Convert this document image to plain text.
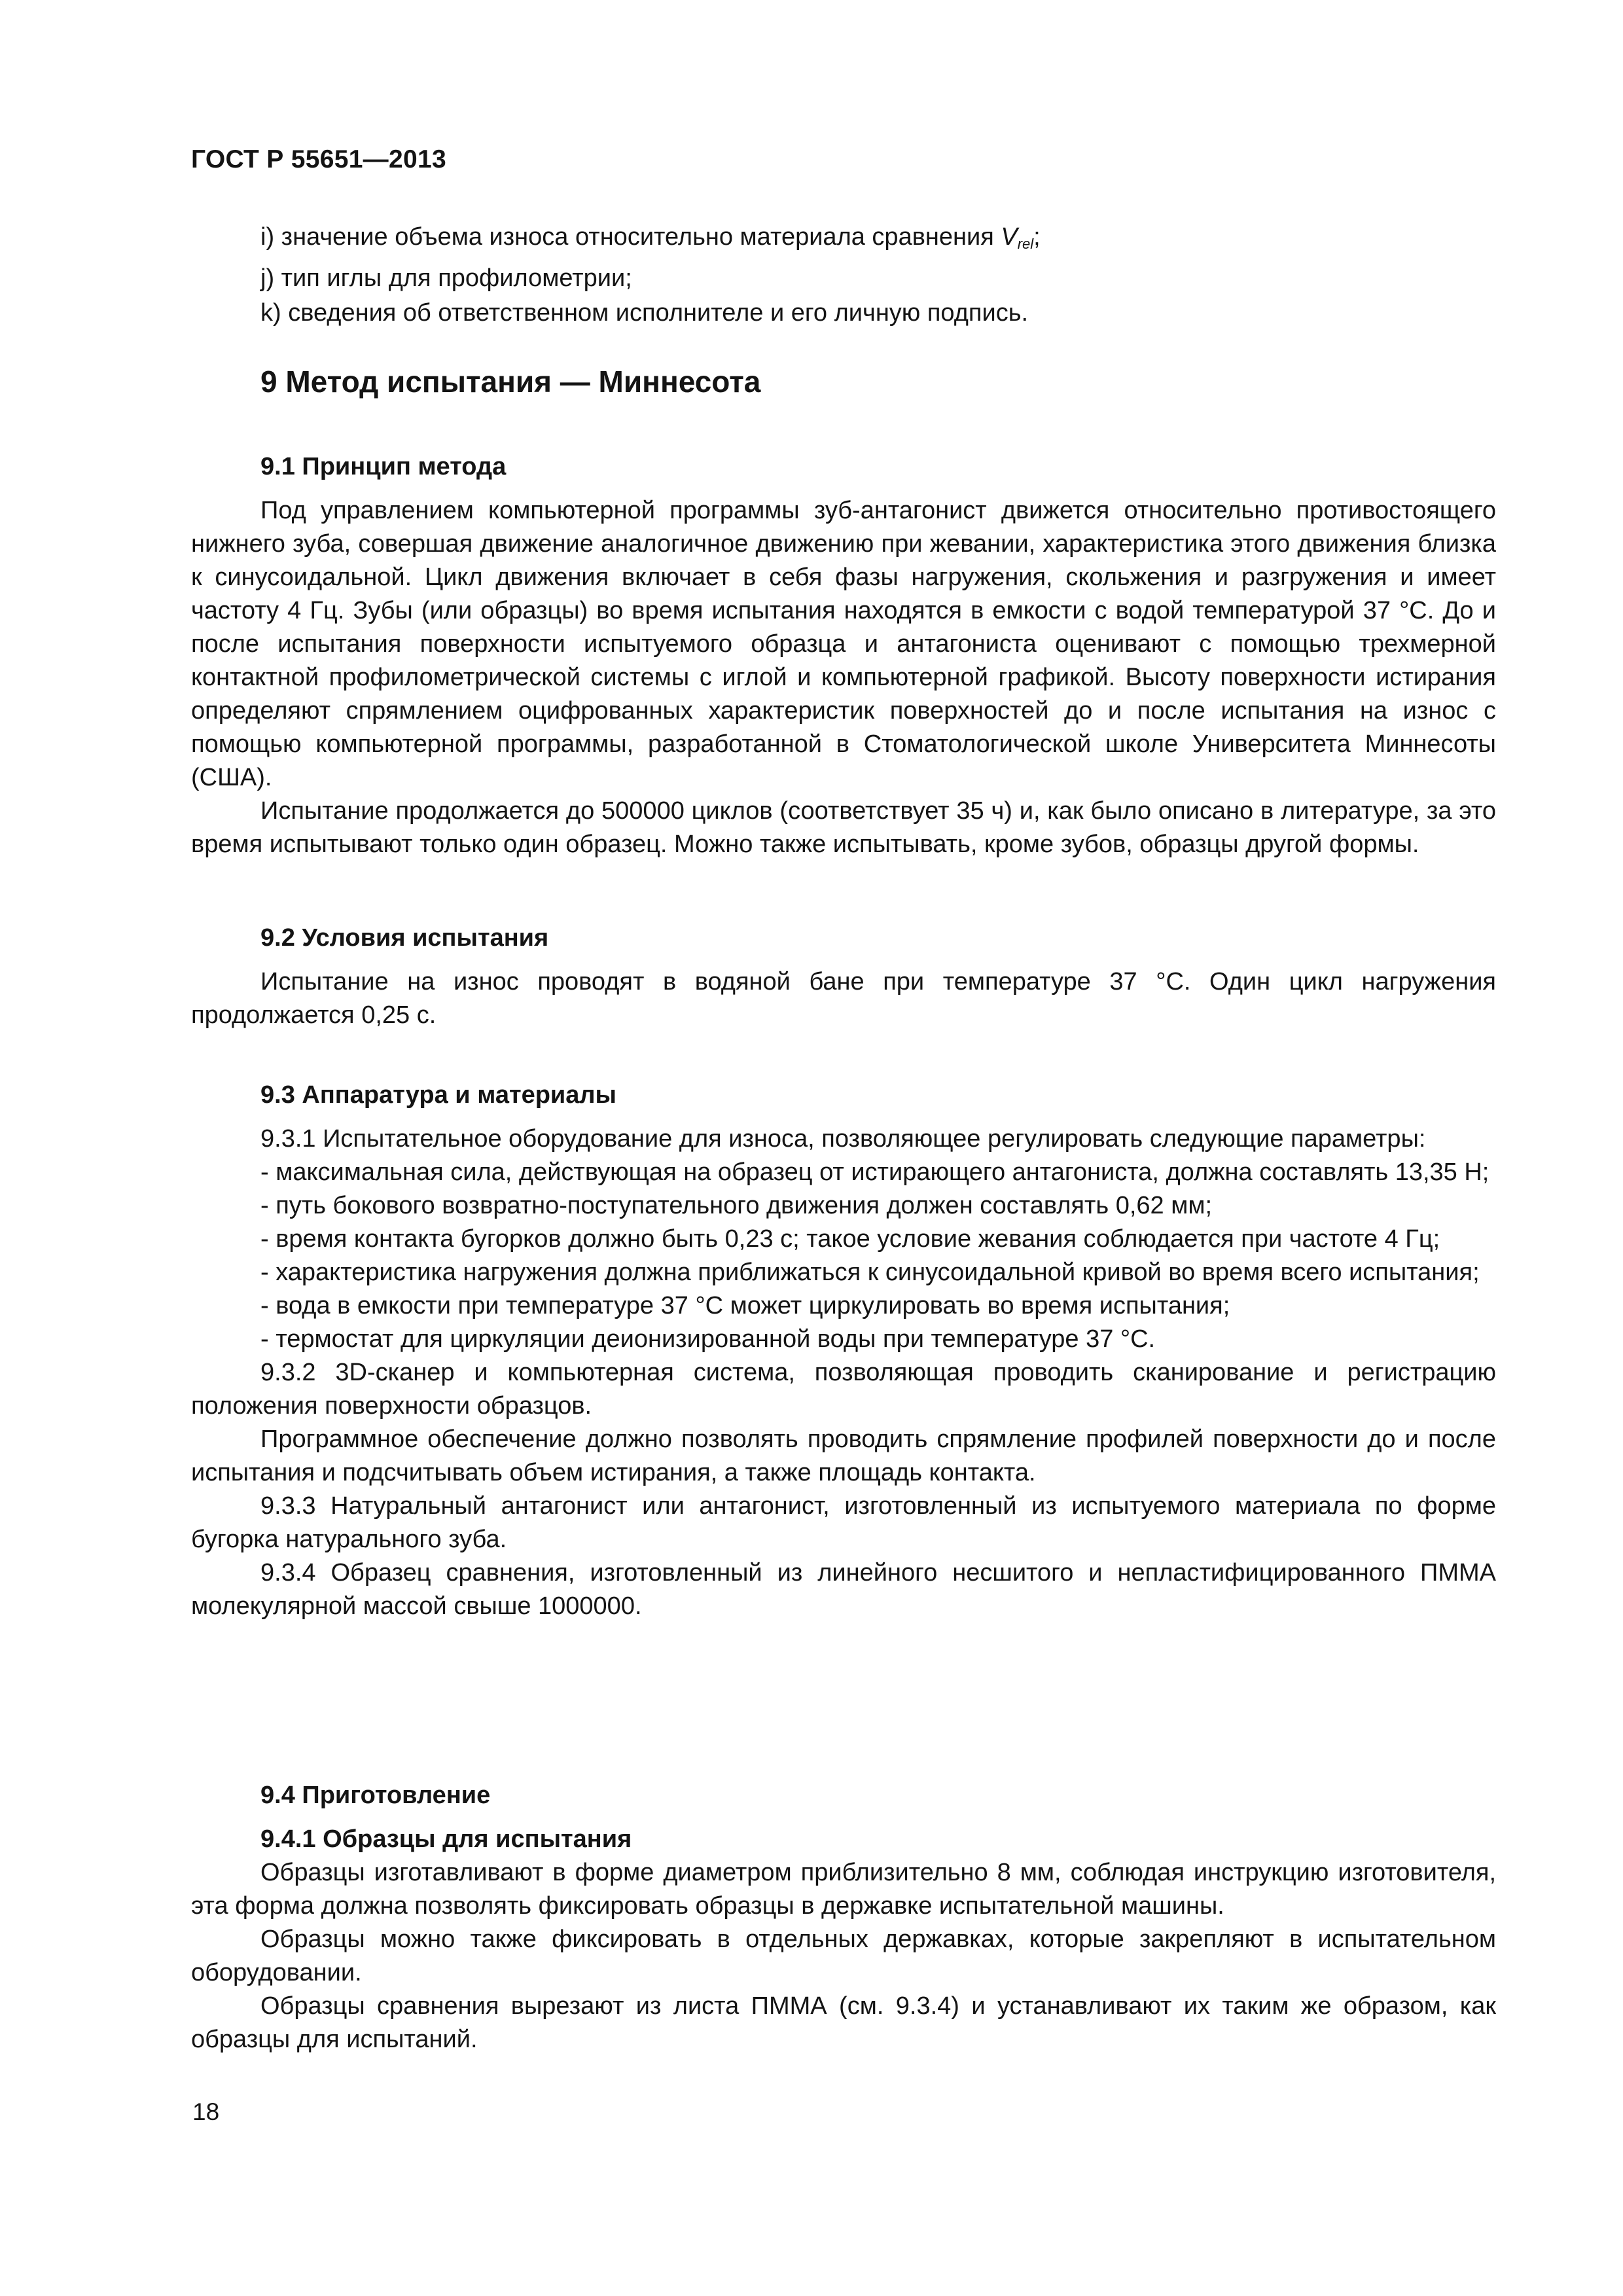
ГОСТ Р 55651—2013
i) значение объема износа относительно материала сравнения $V_{rel}$;
j) тип иглы для профилометрии;
k) сведения об ответственном исполнителе и его личную подпись.
9 Метод испытания — Миннесота
9.1 Принцип метода

Под управлением компьютерной программы зуб-антагонист движется относительно противостоящего нижнего зуба, совершая движение аналогичное движению при жевании, характеристика этого движения близка к синусоидальной. Цикл движения включает в себя фазы нагружения, скольжения и разгружения и имеет частоту 4 Гц. Зубы (или образцы) во время испытания находятся в емкости с водой температурой 37 °С. До и после испытания поверхности испытуемого образца и антагониста оценивают с помощью трехмерной контактной профилометрической системы с иглой и компьютерной графикой. Высоту поверхности истирания определяют спрямлением оцифрованных характеристик поверхностей до и после испытания на износ с помощью компьютерной программы, разработанной в Стоматологической школе Университета Миннесоты (США).

Испытание продолжается до 500000 циклов (соответствует 35 ч) и, как было описано в литературе, за это время испытывают только один образец. Можно также испытывать, кроме зубов, образцы другой формы.

9.2 Условия испытания

Испытание на износ проводят в водяной бане при температуре 37 °С. Один цикл нагружения продолжается 0,25 с.

9.3 Аппаратура и материалы

9.3.1 Испытательное оборудование для износа, позволяющее регулировать следующие параметры:

- максимальная сила, действующая на образец от истирающего антагониста, должна составлять 13,35 Н;

- путь бокового возвратно-поступательного движения должен составлять 0,62 мм;

- время контакта бугорков должно быть 0,23 с; такое условие жевания соблюдается при частоте 4 Гц;

- характеристика нагружения должна приближаться к синусоидальной кривой во время всего испытания;

- вода в емкости при температуре 37 °С может циркулировать во время испытания;

- термостат для циркуляции деионизированной воды при температуре 37 °С.

9.3.2 3D-сканер и компьютерная система, позволяющая проводить сканирование и регистрацию положения поверхности образцов.

Программное обеспечение должно позволять проводить спрямление профилей поверхности до и после испытания и подсчитывать объем истирания, а также площадь контакта.

9.3.3 Натуральный антагонист или антагонист, изготовленный из испытуемого материала по форме бугорка натурального зуба.

9.3.4 Образец сравнения, изготовленный из линейного несшитого и непластифицированного ПММА молекулярной массой свыше 1000000.

9.4 Приготовление
9.4.1 Образцы для испытания

Образцы изготавливают в форме диаметром приблизительно 8 мм, соблюдая инструкцию изготовителя, эта форма должна позволять фиксировать образцы в державке испытательной машины.

Образцы можно также фиксировать в отдельных державках, которые закрепляют в испытательном оборудовании.

Образцы сравнения вырезают из листа ПММА (см. 9.3.4) и устанавливают их таким же образом, как образцы для испытаний.

18
